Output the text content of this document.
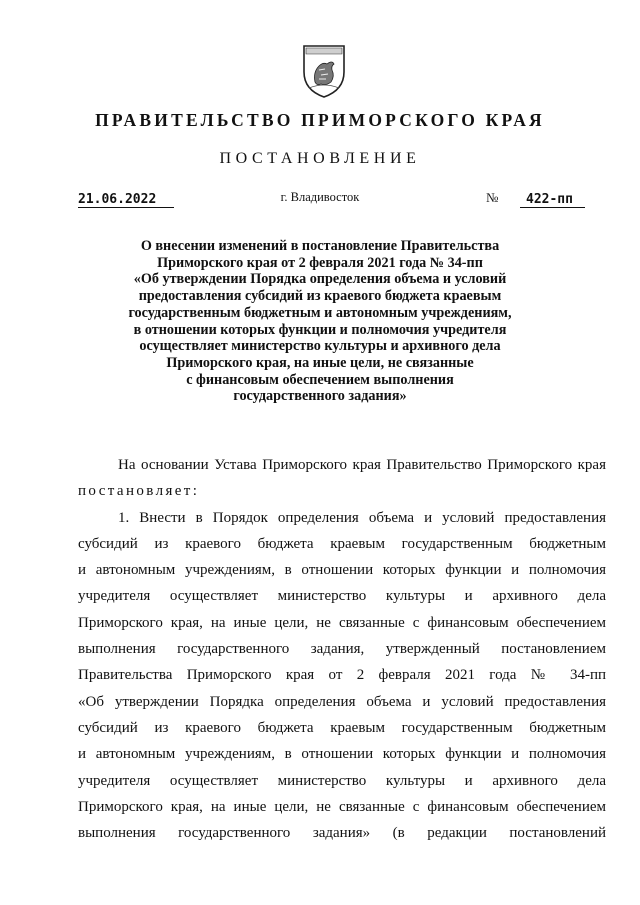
ПРАВИТЕЛЬСТВО ПРИМОРСКОГО КРАЯ
ПОСТАНОВЛЕНИЕ
21.06.2022	г. Владивосток	№	422-пп
О внесении изменений в постановление Правительства
Приморского края от 2 февраля 2021 года № 34-пп
«Об утверждении Порядка определения объема и условий
предоставления субсидий из краевого бюджета краевым
государственным бюджетным и автономным учреждениям,
в отношении которых функции и полномочия учредителя
осуществляет министерство культуры и архивного дела
Приморского края, на иные цели, не связанные
с финансовым обеспечением выполнения
государственного задания»
На основании Устава Приморского края Правительство Приморского края
постановляет:
1. Внести в Порядок определения объема и условий предоставления
субсидий из краевого бюджета краевым государственным бюджетным
и автономным учреждениям, в отношении которых функции и полномочия
учредителя осуществляет министерство культуры и архивного дела
Приморского края, на иные цели, не связанные с финансовым обеспечением
выполнения государственного задания, утвержденный постановлением
Правительства Приморского края от 2 февраля 2021 года № 34-пп
«Об утверждении Порядка определения объема и условий предоставления
субсидий из краевого бюджета краевым государственным бюджетным
и автономным учреждениям, в отношении которых функции и полномочия
учредителя осуществляет министерство культуры и архивного дела
Приморского края, на иные цели, не связанные с финансовым обеспечением
выполнения государственного задания» (в редакции постановлений
